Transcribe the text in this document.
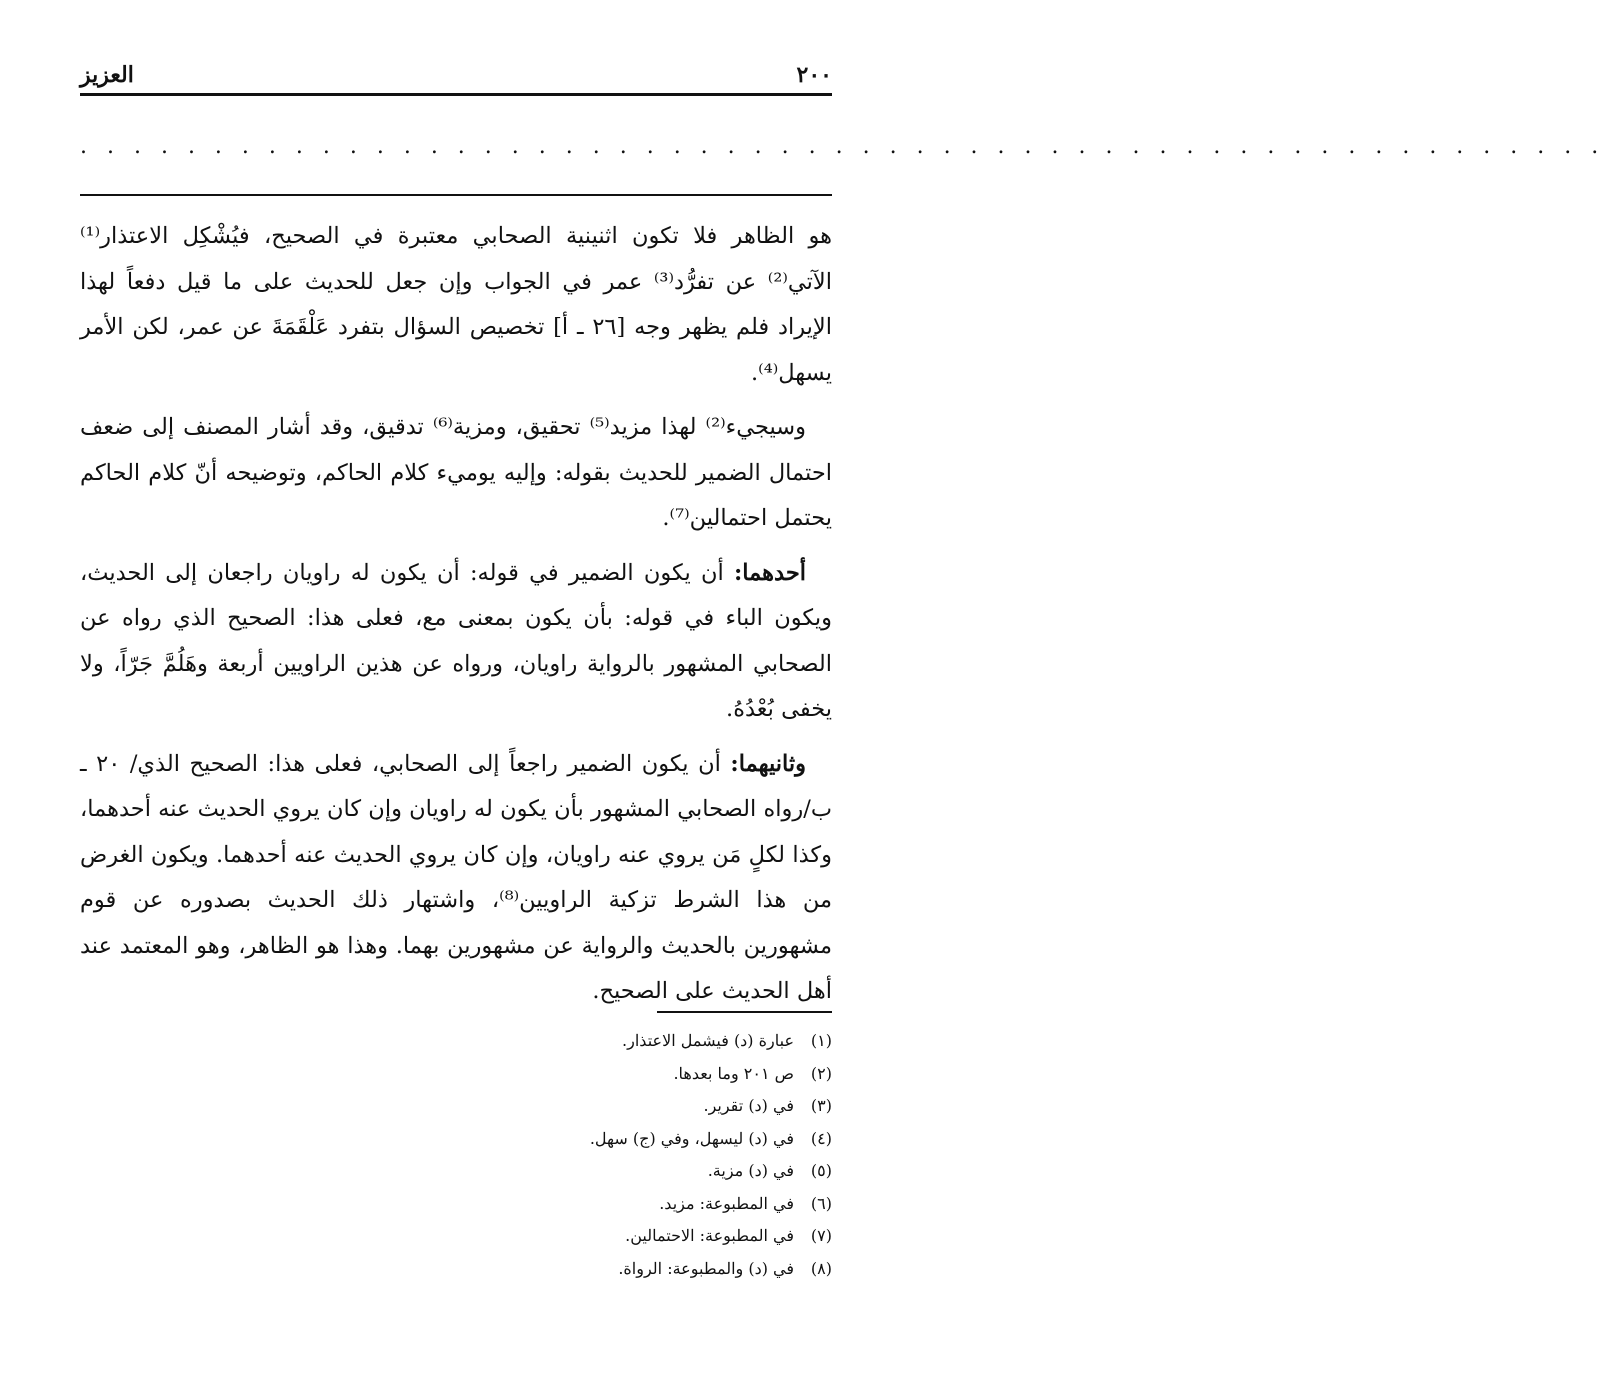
٢٠٠
العزيز
. . . . . . . . . . . . . . . . . . . . . . . . . . . . . . . . . . . . . . . . . . . . . . . . . . . . . . . . .

هو الظاهر فلا تكون اثنينية الصحابي معتبرة في الصحيح، فيُشْكِل الاعتذار⁽¹⁾ الآتي⁽²⁾ عن تفرُّد⁽³⁾ عمر في الجواب وإن جعل للحديث على ما قيل دفعاً لهذا الإيراد فلم يظهر وجه [٢٦ ـ أ] تخصيص السؤال بتفرد عَلْقَمَةَ عن عمر، لكن الأمر يسهل⁽⁴⁾.

وسيجيء⁽²⁾ لهذا مزيد⁽⁵⁾ تحقيق، ومزية⁽⁶⁾ تدقيق، وقد أشار المصنف إلى ضعف احتمال الضمير للحديث بقوله: وإليه يوميء كلام الحاكم، وتوضيحه أنّ كلام الحاكم يحتمل احتمالين⁽⁷⁾.

أحدهما: أن يكون الضمير في قوله: أن يكون له راويان راجعان إلى الحديث، ويكون الباء في قوله: بأن يكون بمعنى مع، فعلى هذا: الصحيح الذي رواه عن الصحابي المشهور بالرواية راويان، ورواه عن هذين الراويين أربعة وهَلُمَّ جَرّاً، ولا يخفى بُعْدُهُ.

وثانيهما: أن يكون الضمير راجعاً إلى الصحابي، فعلى هذا: الصحيح الذي/ ٢٠ ـ ب/رواه الصحابي المشهور بأن يكون له راويان وإن كان يروي الحديث عنه أحدهما، وكذا لكلٍ مَن يروي عنه راويان، وإن كان يروي الحديث عنه أحدهما. ويكون الغرض من هذا الشرط تزكية الراويين⁽⁸⁾، واشتهار ذلك الحديث بصدوره عن قوم مشهورين بالحديث والرواية عن مشهورين بهما. وهذا هو الظاهر، وهو المعتمد عند أهل الحديث على الصحيح.

(١)
عبارة (د) فيشمل الاعتذار.
(٢)
ص ٢٠١ وما بعدها.
(٣)
في (د) تقرير.
(٤)
في (د) ليسهل، وفي (ج) سهل.
(٥)
في (د) مزية.
(٦)
في المطبوعة: مزيد.
(٧)
في المطبوعة: الاحتمالين.
(٨)
في (د) والمطبوعة: الرواة.
